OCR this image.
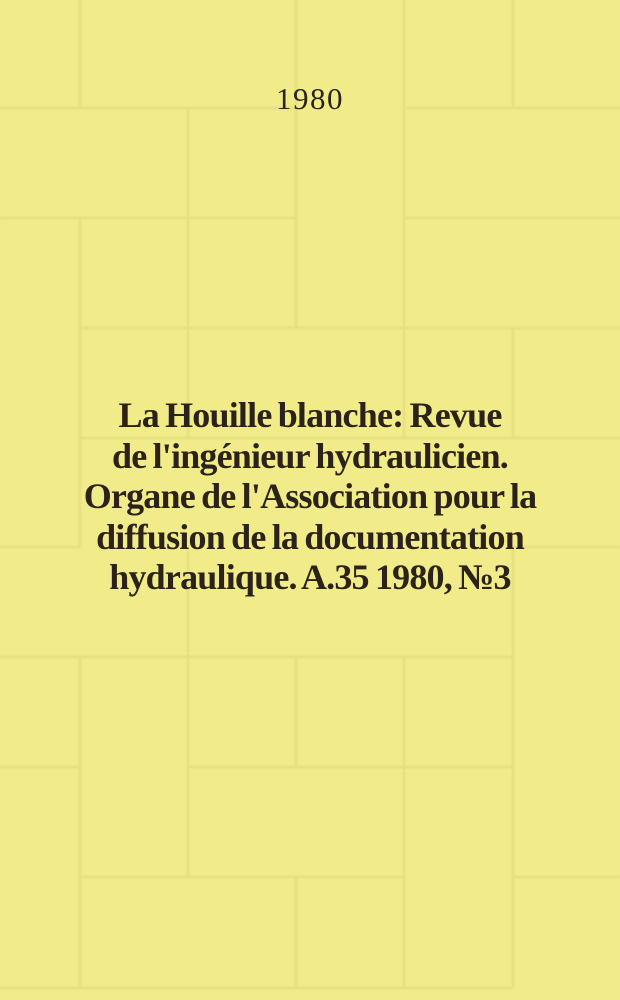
1980
La Houille blanche: Revue
de l'ingénieur hydraulicien.
Organe de l'Association pour la
diffusion de la documentation
hydraulique. A.35 1980, №3
